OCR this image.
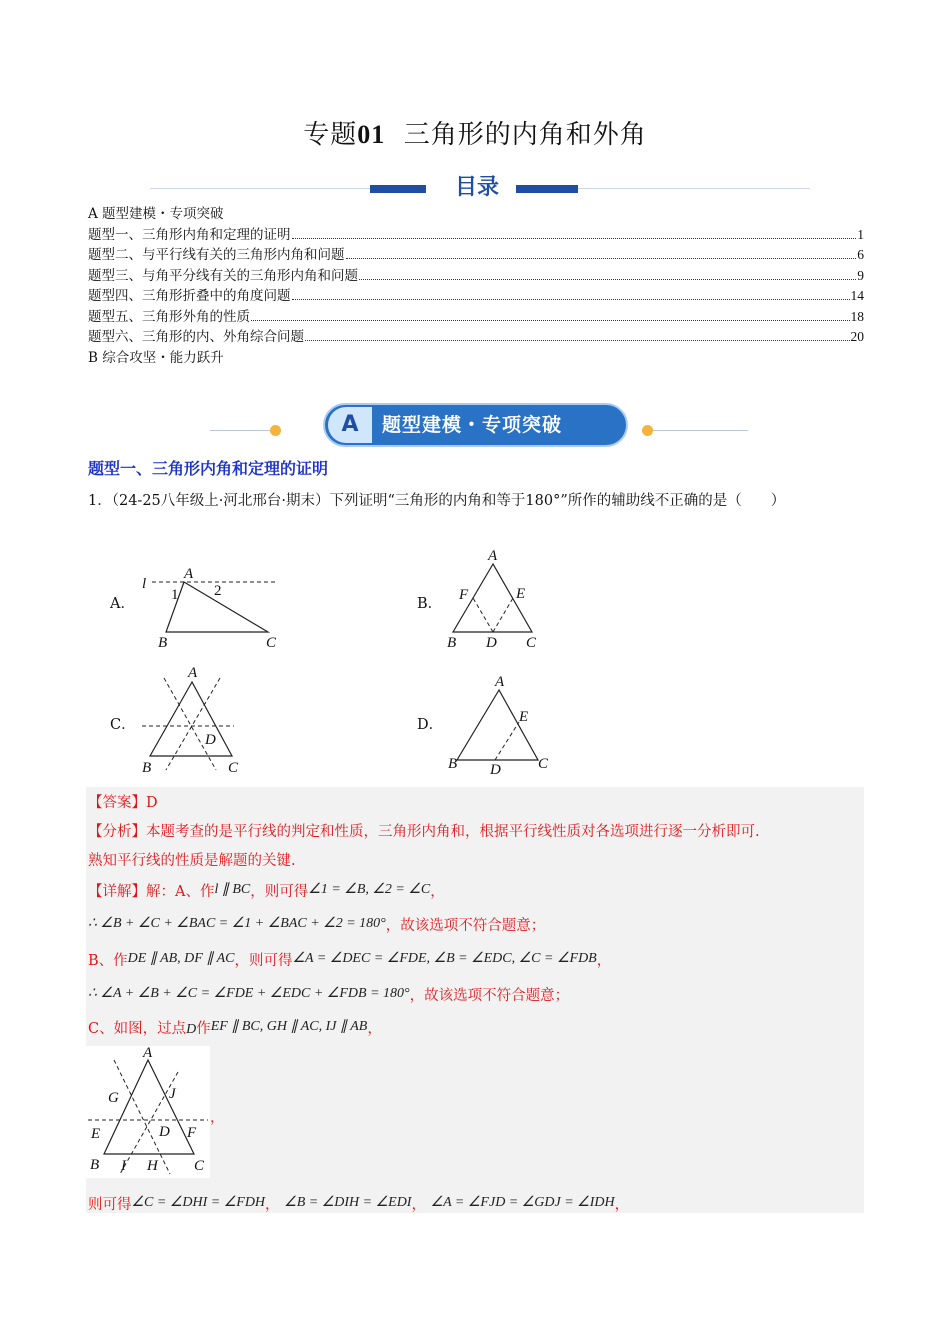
专题01 三角形的内角和外角
目录
A 题型建模・专项突破
题型一、三角形内角和定理的证明	1
题型二、与平行线有关的三角形内角和问题	6
题型三、与角平分线有关的三角形内角和问题	9
题型四、三角形折叠中的角度问题	14
题型五、三角形外角的性质	18
题型六、三角形的内、外角综合问题	20
B 综合攻坚・能力跃升
A	题型建模・专项突破
题型一、三角形内角和定理的证明
1．（24-25八年级上·河北邢台·期末）下列证明“三角形的内角和等于180°”所作的辅助线不正确的是（　　）
A．	B．
C．	D．
l
A
1 2
B	C
A
F	E
B D C
A
D
B	C
A
E
B D C
【答案】D
【分析】本题考查的是平行线的判定和性质，三角形内角和，根据平行线性质对各选项进行逐一分析即可.
熟知平行线的性质是解题的关键.
【详解】解：A、作l ∥ BC，则可得∠1 = ∠B, ∠2 = ∠C，
∴ ∠B + ∠C + ∠BAC = ∠1 + ∠BAC + ∠2 = 180°，故该选项不符合题意；
B、作DE ∥ AB, DF ∥ AC，则可得∠A = ∠DEC = ∠FDE, ∠B = ∠EDC, ∠C = ∠FDB，
∴ ∠A + ∠B + ∠C = ∠FDE + ∠EDC + ∠FDB = 180°，故该选项不符合题意；
C、如图，过点D作EF ∥ BC, GH ∥ AC, IJ ∥ AB，
A
G	J
E	D F
B I H C
，
则可得∠C = ∠DHI = ∠FDH， ∠B = ∠DIH = ∠EDI， ∠A = ∠FJD = ∠GDJ = ∠IDH，
